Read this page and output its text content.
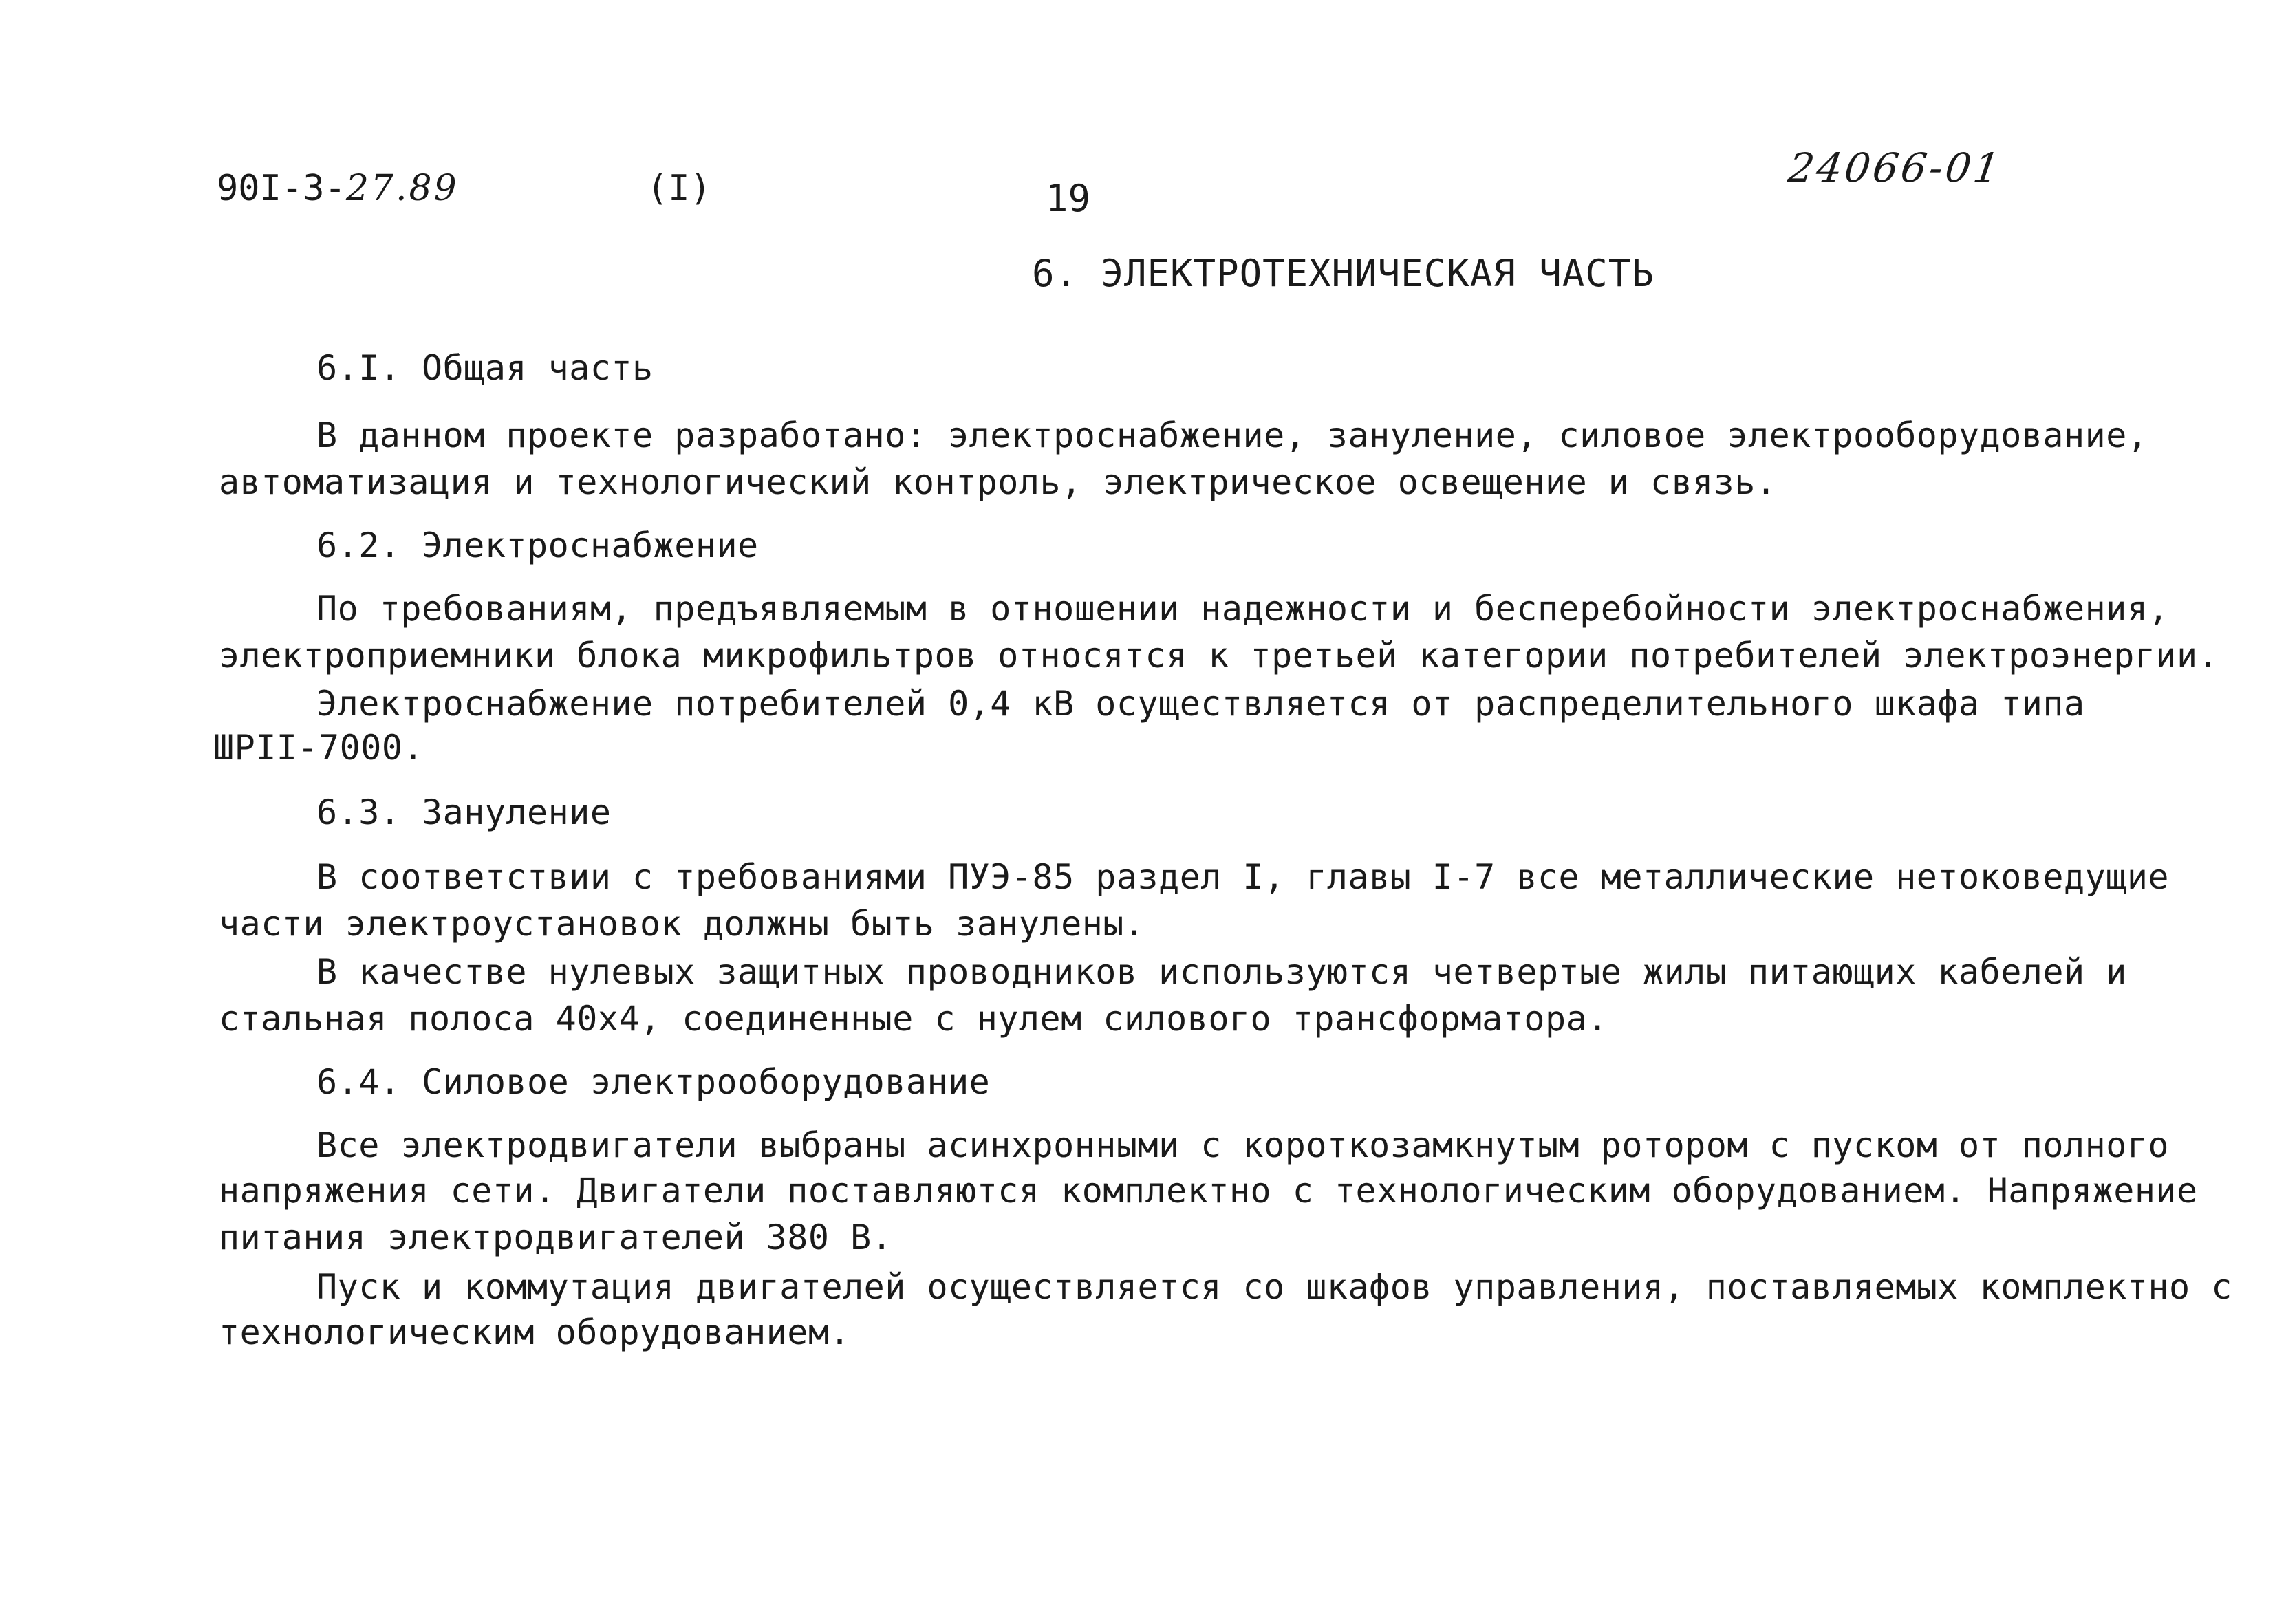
90I-3-27.89	(I)	19
24066-01
6. ЭЛЕКТРОТЕХНИЧЕСКАЯ ЧАСТЬ
6.I. Общая часть
В данном проекте разработано: электроснабжение, зануление, силовое электрооборудование,
автоматизация и технологический контроль, электрическое освещение и связь.
6.2. Электроснабжение
По требованиям, предъявляемым в отношении надежности и бесперебойности электроснабжения,
электроприемники блока микрофильтров относятся к третьей категории потребителей электроэнергии.
Электроснабжение потребителей 0,4 кВ осуществляется от распределительного шкафа типа
ШРII-7000.
6.3. Зануление
В соответствии с требованиями ПУЭ-85 раздел I, главы I-7 все металлические нетоковедущие
части электроустановок должны быть занулены.
В качестве нулевых защитных проводников используются четвертые жилы питающих кабелей и
стальная полоса 40х4, соединенные с нулем силового трансформатора.
6.4. Силовое электрооборудование
Все электродвигатели выбраны асинхронными с короткозамкнутым ротором с пуском от полного
напряжения сети. Двигатели поставляются комплектно с технологическим оборудованием. Напряжение
питания электродвигателей 380 В.
Пуск и коммутация двигателей осуществляется со шкафов управления, поставляемых комплектно с
технологическим оборудованием.
